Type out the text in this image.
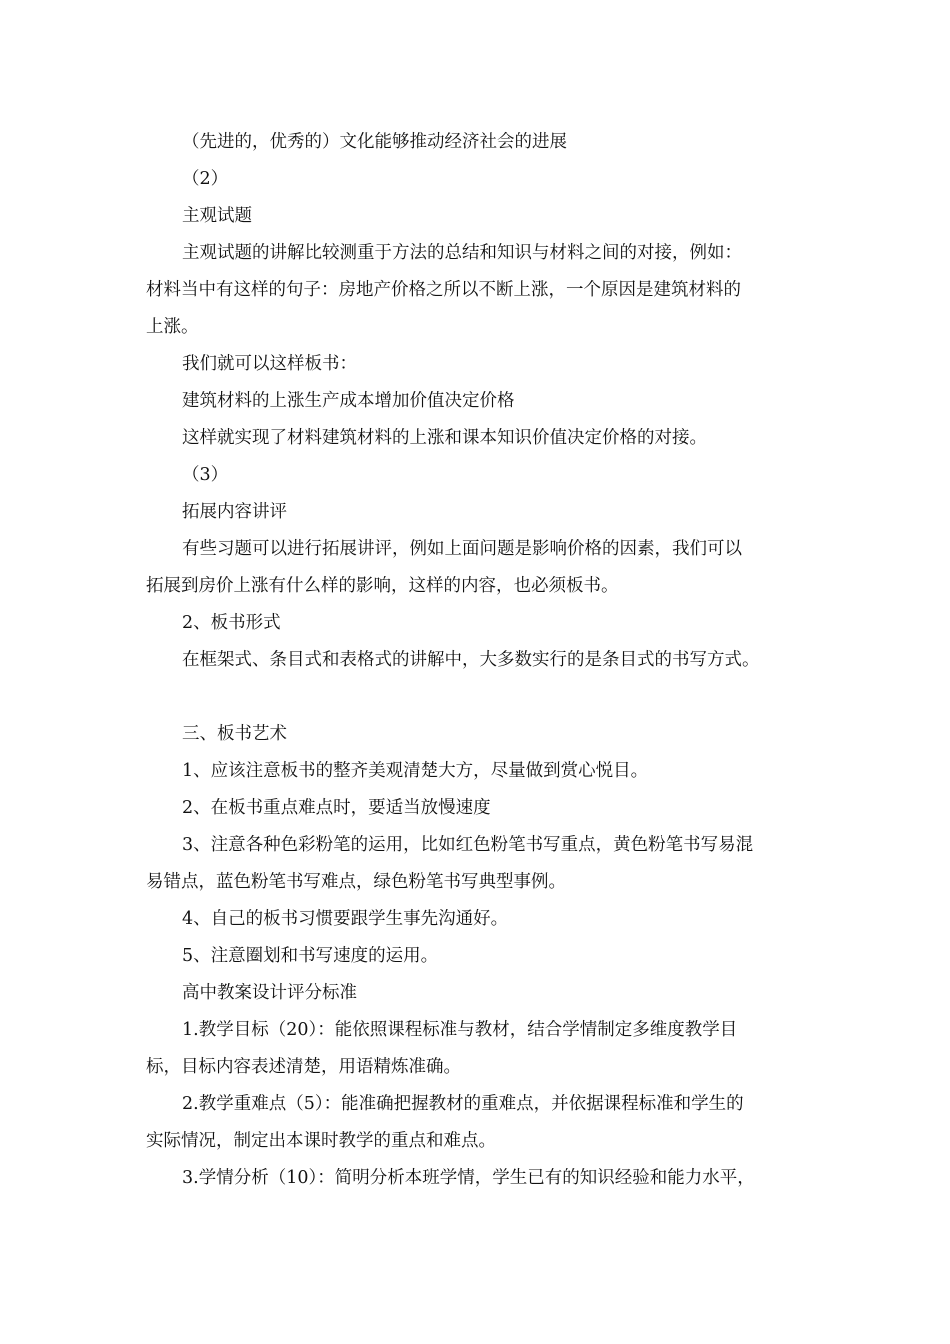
（先进的，优秀的）文化能够推动经济社会的进展

（2）

主观试题

主观试题的讲解比较测重于方法的总结和知识与材料之间的对接，例如：

材料当中有这样的句子：房地产价格之所以不断上涨，一个原因是建筑材料的

上涨。

我们就可以这样板书：

建筑材料的上涨生产成本增加价值决定价格

这样就实现了材料建筑材料的上涨和课本知识价值决定价格的对接。

（3）

拓展内容讲评

有些习题可以进行拓展讲评，例如上面问题是影响价格的因素，我们可以

拓展到房价上涨有什么样的影响，这样的内容，也必须板书。

2、板书形式

在框架式、条目式和表格式的讲解中，大多数实行的是条目式的书写方式。

三、板书艺术

1、应该注意板书的整齐美观清楚大方，尽量做到赏心悦目。

2、在板书重点难点时，要适当放慢速度

3、注意各种色彩粉笔的运用，比如红色粉笔书写重点，黄色粉笔书写易混

易错点，蓝色粉笔书写难点，绿色粉笔书写典型事例。

4、自己的板书习惯要跟学生事先沟通好。

5、注意圈划和书写速度的运用。

高中教案设计评分标准

1.教学目标（20）：能依照课程标准与教材，结合学情制定多维度教学目

标，目标内容表述清楚，用语精炼准确。

2.教学重难点（5）：能准确把握教材的重难点，并依据课程标准和学生的

实际情况，制定出本课时教学的重点和难点。

3.学情分析（10）：简明分析本班学情，学生已有的知识经验和能力水平，
